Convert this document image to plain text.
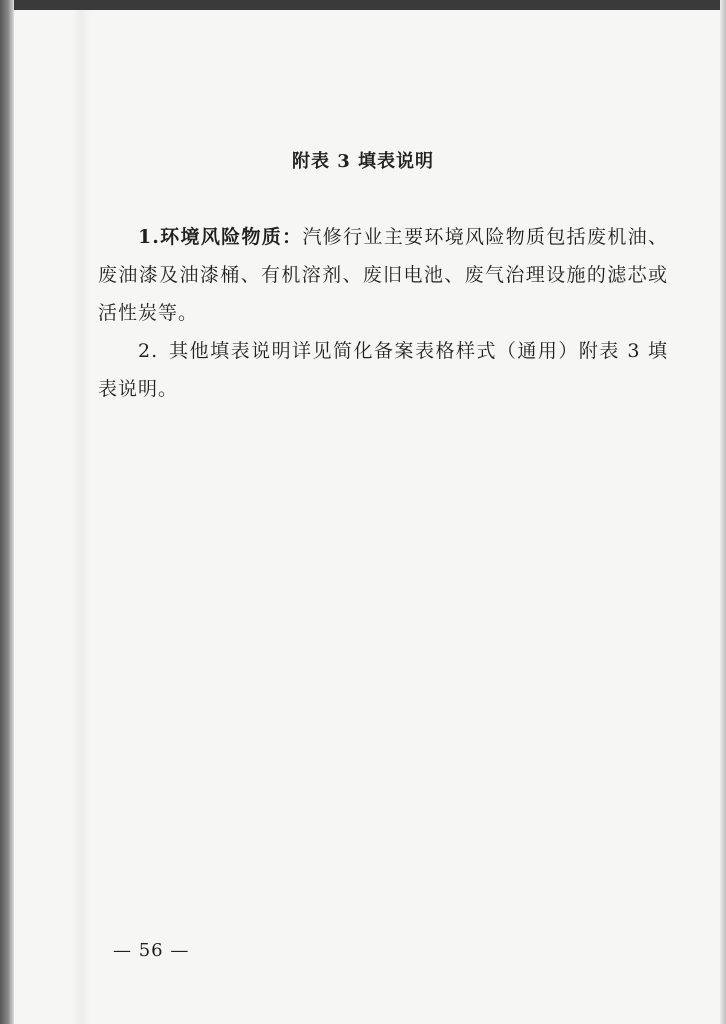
附表 3 填表说明

1.环境风险物质：汽修行业主要环境风险物质包括废机油、废油漆及油漆桶、有机溶剂、废旧电池、废气治理设施的滤芯或活性炭等。

2.  其他填表说明详见简化备案表格样式（通用）附表 3 填表说明。

— 56 —
